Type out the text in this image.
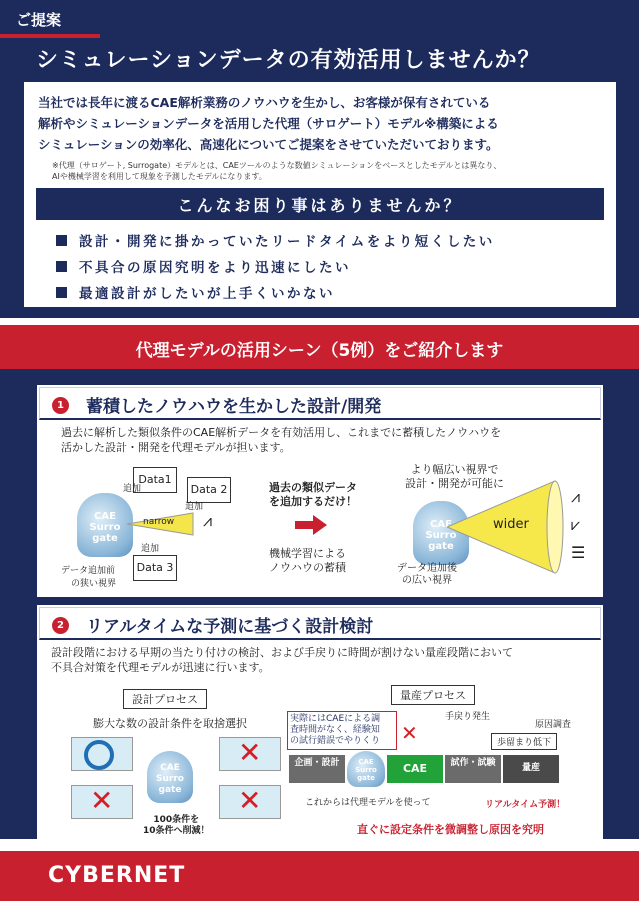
ご提案
シミュレーションデータの有効活用しませんか？
当社では長年に渡るCAE解析業務のノウハウを生かし、お客様が保有されている
解析やシミュレーションデータを活用した代理（サロゲート）モデル※構築による
シミュレーションの効率化、高速化についてご提案をさせていただいております。
※代理（サロゲート, Surrogate）モデルとは、CAEツールのような数値シミュレーションをベースとしたモデルとは異なり、
AIや機械学習を利用して現象を予測したモデルになります。
こんなお困り事はありませんか？
設計・開発に掛かっていたリードタイムをより短くしたい
不具合の原因究明をより迅速にしたい
最適設計がしたいが上手くいかない
代理モデルの活用シーン（5例）をご紹介します
1 蓄積したノウハウを生かした設計/開発
過去に解析した類似条件のCAE解析データを有効活用し、これまでに蓄積したノウハウを
活かした設計・開発を代理モデルが担います。
Data1
Data 2
Data 3
追加
追加
追加
CAE Surro gate
narrow
データ追加前
の狭い視界
⩘
過去の類似データ
を追加するだけ！
機械学習による
ノウハウの蓄積
より幅広い視界で
設計・開発が可能に
CAE Surro gate
wider
データ追加後
の広い視界
⩘
⩗
☰
2 リアルタイムな予測に基づく設計検討
設計段階における早期の当たり付けの検討、および手戻りに時間が割けない量産段階において
不具合対策を代理モデルが迅速に行います。
設計プロセス
膨大な数の設計条件を取捨選択
✕
✕	✕
CAE Surro gate
100条件を
10条件へ削減！
量産プロセス
実際にはCAEによる調
査時間がなく、経験知
の試行錯誤でやりくり
手戻り発生
原因調査
歩留まり低下
✕
企画・設計	CAE Surro gate
CAE	試作・試験	量産
これからは代理モデルを使って	リアルタイム予測！
直ぐに設定条件を微調整し原因を究明
CYBERNET
